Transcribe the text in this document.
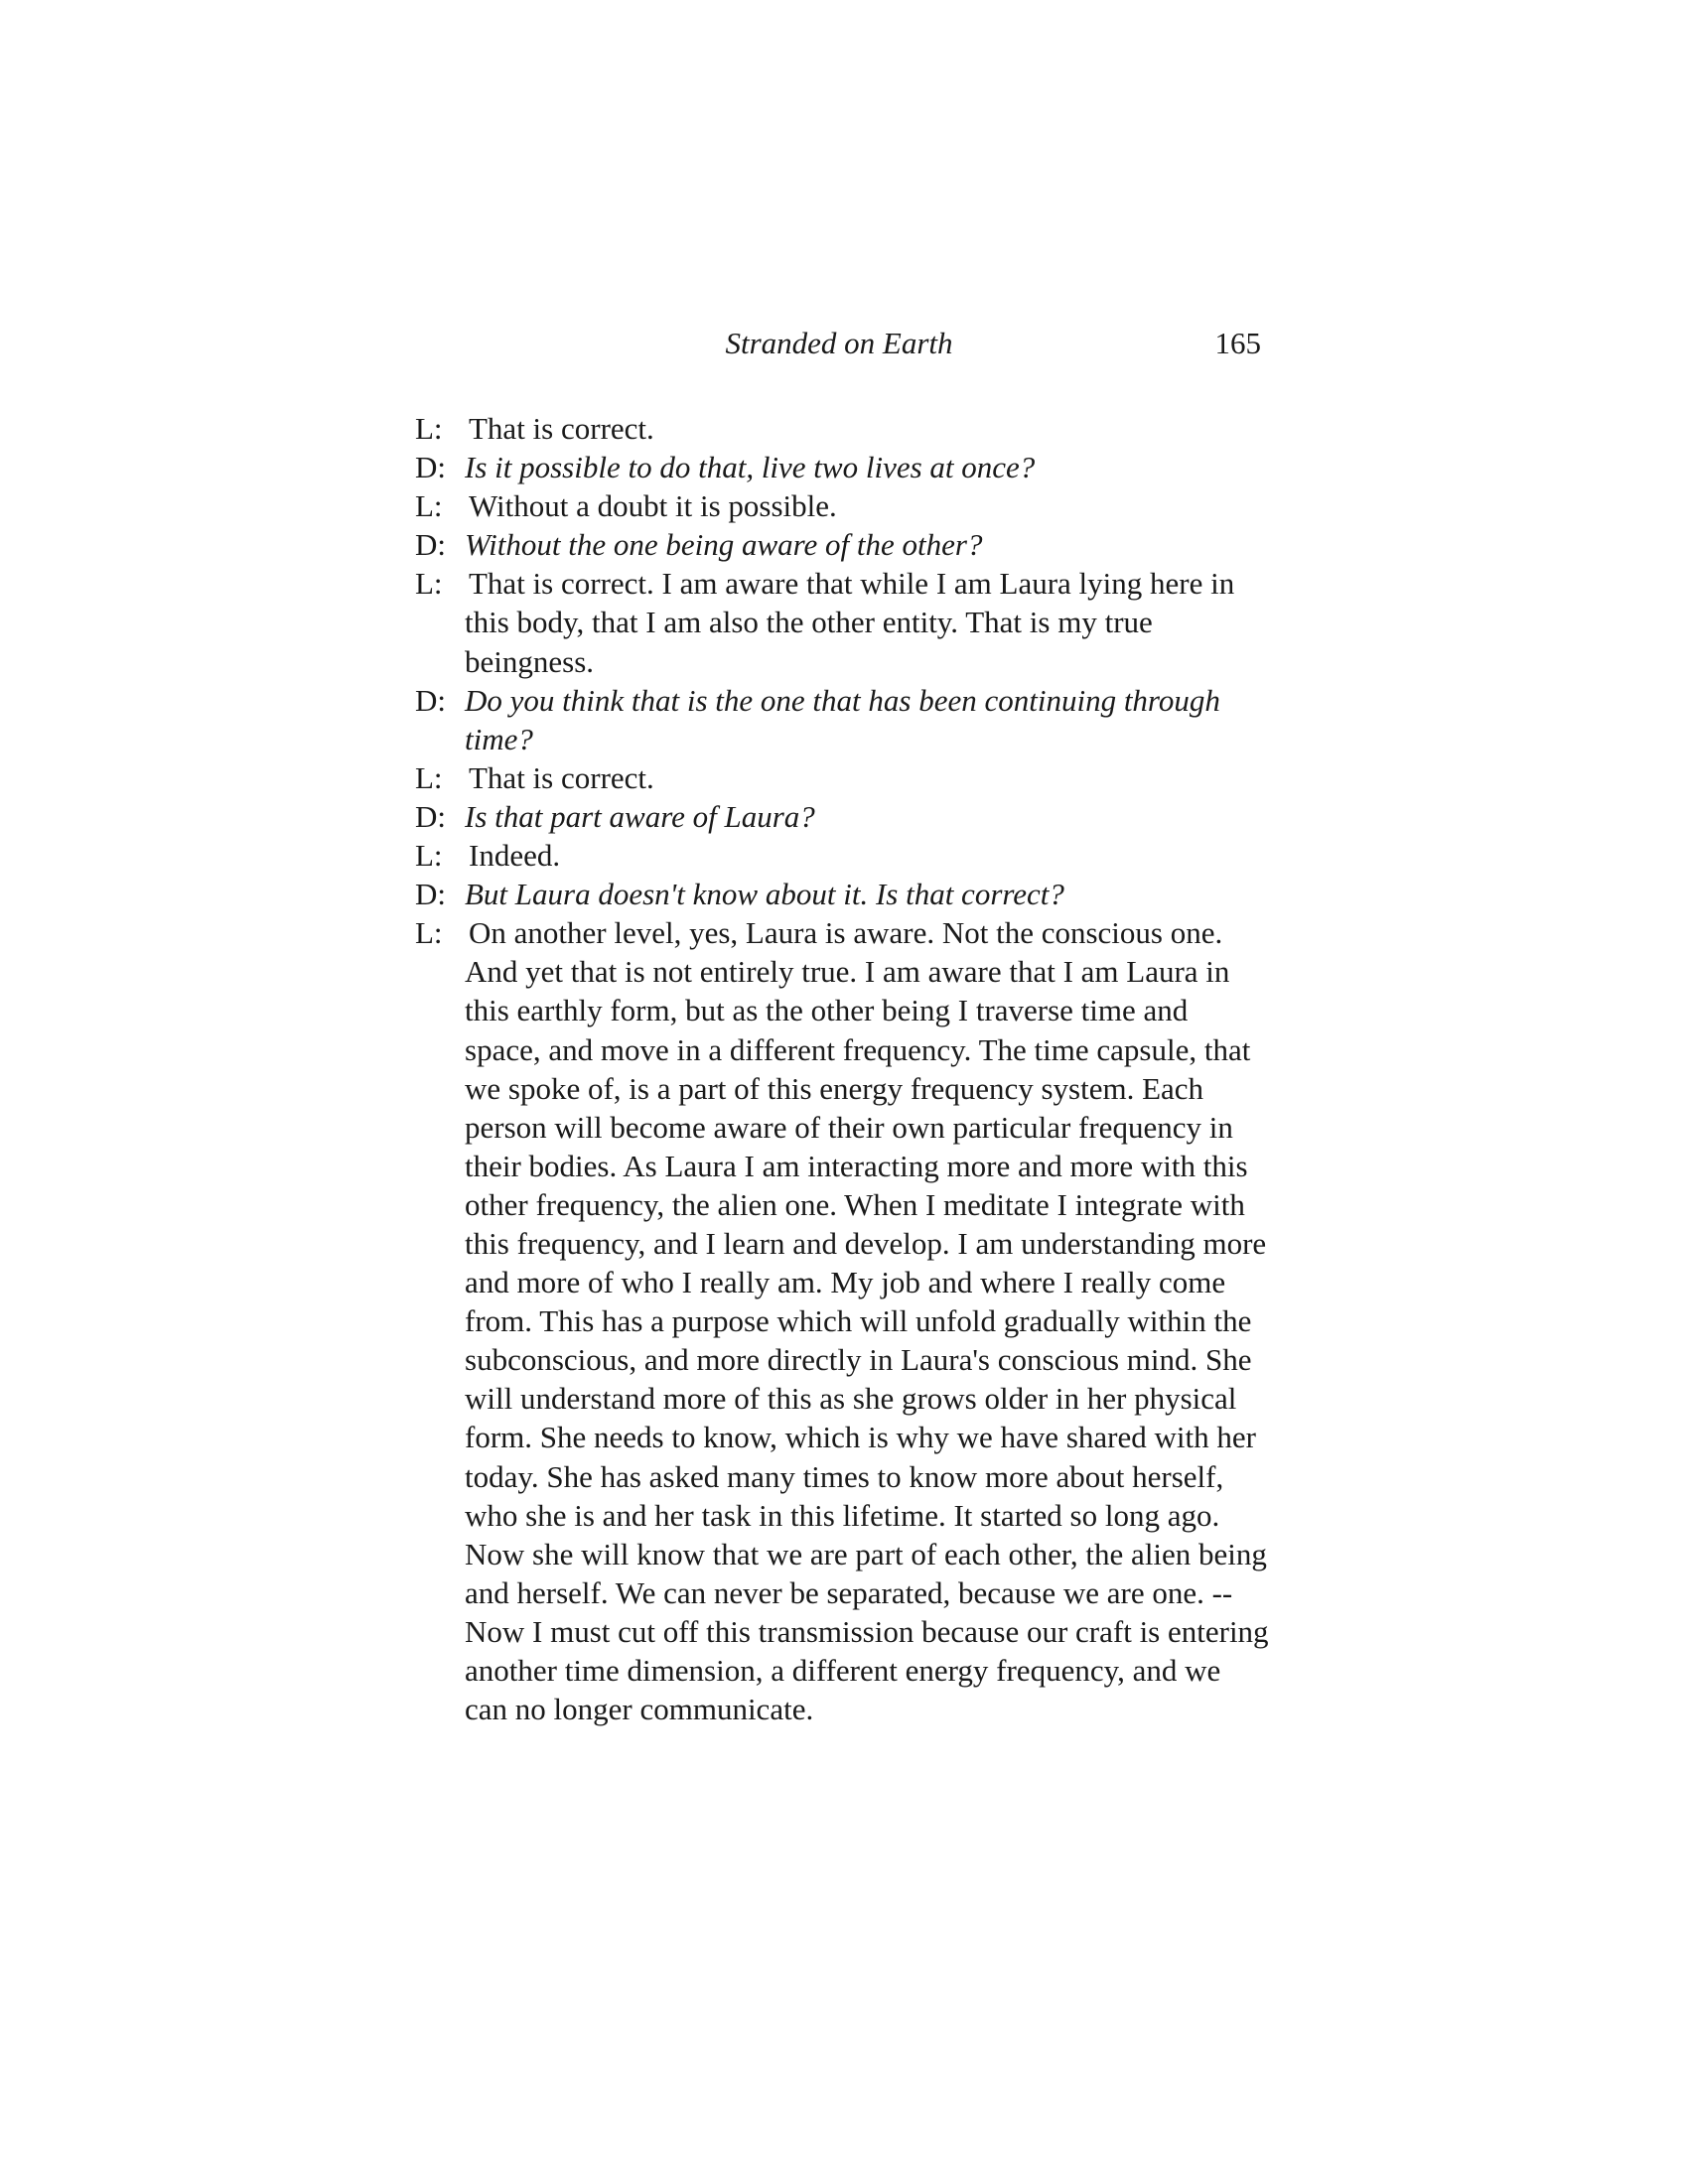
Stranded on Earth	165
L: That is correct.
D: Is it possible to do that, live two lives at once?
L: Without a doubt it is possible.
D: Without the one being aware of the other?
L: That is correct. I am aware that while I am Laura lying here in this body, that I am also the other entity. That is my true beingness.
D: Do you think that is the one that has been continuing through time?
L: That is correct.
D: Is that part aware of Laura?
L: Indeed.
D: But Laura doesn't know about it. Is that correct?
L: On another level, yes, Laura is aware. Not the conscious one. And yet that is not entirely true. I am aware that I am Laura in this earthly form, but as the other being I traverse time and space, and move in a different frequency. The time capsule, that we spoke of, is a part of this energy frequency system. Each person will become aware of their own particular frequency in their bodies. As Laura I am interacting more and more with this other frequency, the alien one. When I meditate I integrate with this frequency, and I learn and develop. I am understanding more and more of who I really am. My job and where I really come from. This has a purpose which will unfold gradually within the subconscious, and more directly in Laura's conscious mind. She will understand more of this as she grows older in her physical form. She needs to know, which is why we have shared with her today. She has asked many times to know more about herself, who she is and her task in this lifetime. It started so long ago. Now she will know that we are part of each other, the alien being and herself. We can never be separated, because we are one. -- Now I must cut off this transmission because our craft is entering another time dimension, a different energy frequency, and we can no longer communicate.
